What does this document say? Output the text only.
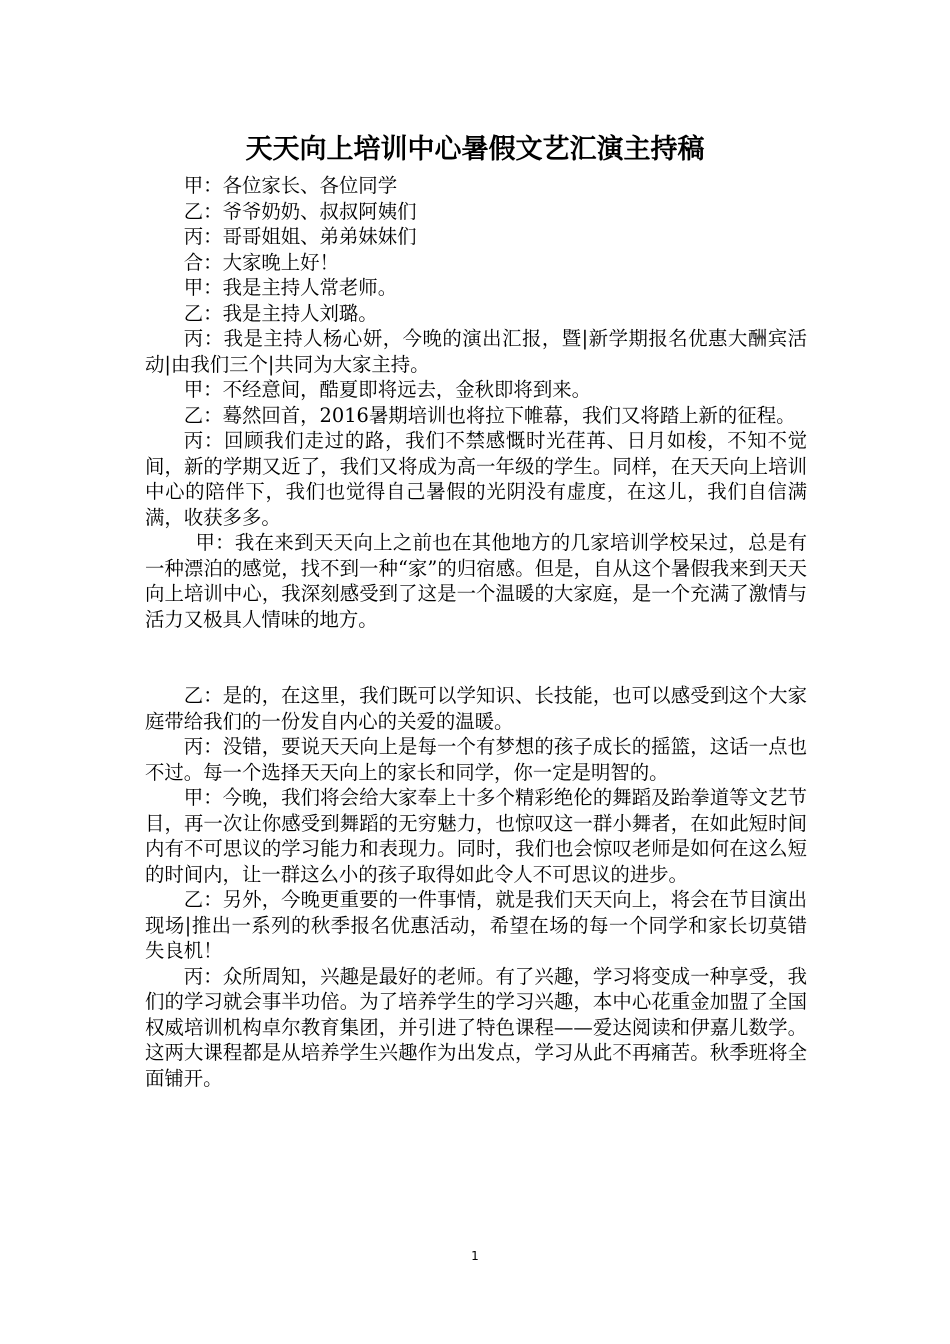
天天向上培训中心暑假文艺汇演主持稿

甲：各位家长、各位同学

乙：爷爷奶奶、叔叔阿姨们

丙：哥哥姐姐、弟弟妹妹们

合：大家晚上好！

甲：我是主持人常老师。

乙：我是主持人刘璐。

丙：我是主持人杨心妍，今晚的演出汇报，暨|新学期报名优惠大酬宾活动|由我们三个|共同为大家主持。

甲：不经意间，酷夏即将远去，金秋即将到来。

乙：蓦然回首，2016暑期培训也将拉下帷幕，我们又将踏上新的征程。

丙：回顾我们走过的路，我们不禁感慨时光荏苒、日月如梭，不知不觉间，新的学期又近了，我们又将成为高一年级的学生。同样，在天天向上培训中心的陪伴下，我们也觉得自己暑假的光阴没有虚度，在这儿，我们自信满满，收获多多。

甲：我在来到天天向上之前也在其他地方的几家培训学校呆过，总是有一种漂泊的感觉，找不到一种“家”的归宿感。但是，自从这个暑假我来到天天向上培训中心，我深刻感受到了这是一个温暖的大家庭，是一个充满了激情与活力又极具人情味的地方。

乙：是的，在这里，我们既可以学知识、长技能，也可以感受到这个大家庭带给我们的一份发自内心的关爱的温暖。

丙：没错，要说天天向上是每一个有梦想的孩子成长的摇篮，这话一点也不过。每一个选择天天向上的家长和同学，你一定是明智的。

甲：今晚，我们将会给大家奉上十多个精彩绝伦的舞蹈及跆拳道等文艺节目，再一次让你感受到舞蹈的无穷魅力，也惊叹这一群小舞者，在如此短时间内有不可思议的学习能力和表现力。同时，我们也会惊叹老师是如何在这么短的时间内，让一群这么小的孩子取得如此令人不可思议的进步。

乙：另外，今晚更重要的一件事情，就是我们天天向上，将会在节目演出现场|推出一系列的秋季报名优惠活动，希望在场的每一个同学和家长切莫错失良机！

丙：众所周知，兴趣是最好的老师。有了兴趣，学习将变成一种享受，我们的学习就会事半功倍。为了培养学生的学习兴趣，本中心花重金加盟了全国权威培训机构卓尔教育集团，并引进了特色课程——爱达阅读和伊嘉儿数学。这两大课程都是从培养学生兴趣作为出发点，学习从此不再痛苦。秋季班将全面铺开。

1
